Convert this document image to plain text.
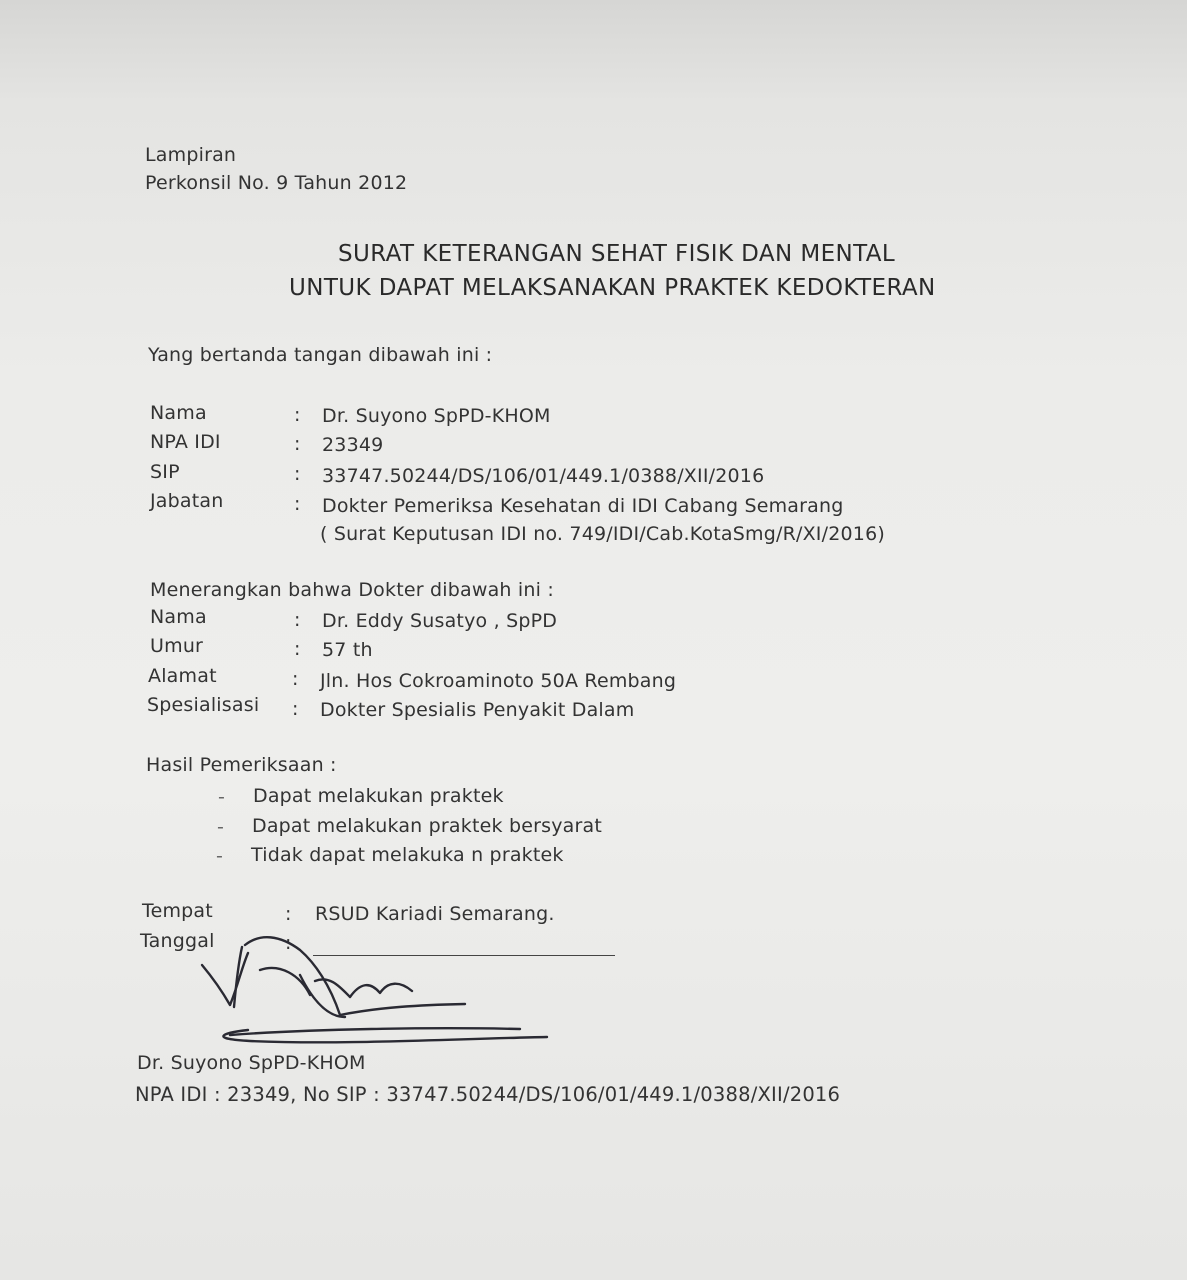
Lampiran
Perkonsil No. 9 Tahun 2012
SURAT KETERANGAN SEHAT FISIK DAN MENTAL
UNTUK DAPAT MELAKSANAKAN PRAKTEK KEDOKTERAN
Yang bertanda tangan dibawah ini :
Nama	: Dr. Suyono SpPD-KHOM
NPA IDI	: 23349
SIP	: 33747.50244/DS/106/01/449.1/0388/XII/2016
Jabatan	: Dokter Pemeriksa Kesehatan di IDI Cabang Semarang
( Surat Keputusan IDI no. 749/IDI/Cab.KotaSmg/R/XI/2016)
Menerangkan bahwa Dokter dibawah ini :
Nama	: Dr. Eddy Susatyo , SpPD
Umur	: 57 th
Alamat	: Jln. Hos Cokroaminoto 50A Rembang
Spesialisasi : Dokter Spesialis Penyakit Dalam
Hasil Pemeriksaan :
- Dapat melakukan praktek
- Dapat melakukan praktek bersyarat
- Tidak dapat melakuka n praktek
Tempat	: RSUD Kariadi Semarang.
Tanggal	:
Dr. Suyono SpPD-KHOM
NPA IDI : 23349, No SIP : 33747.50244/DS/106/01/449.1/0388/XII/2016
